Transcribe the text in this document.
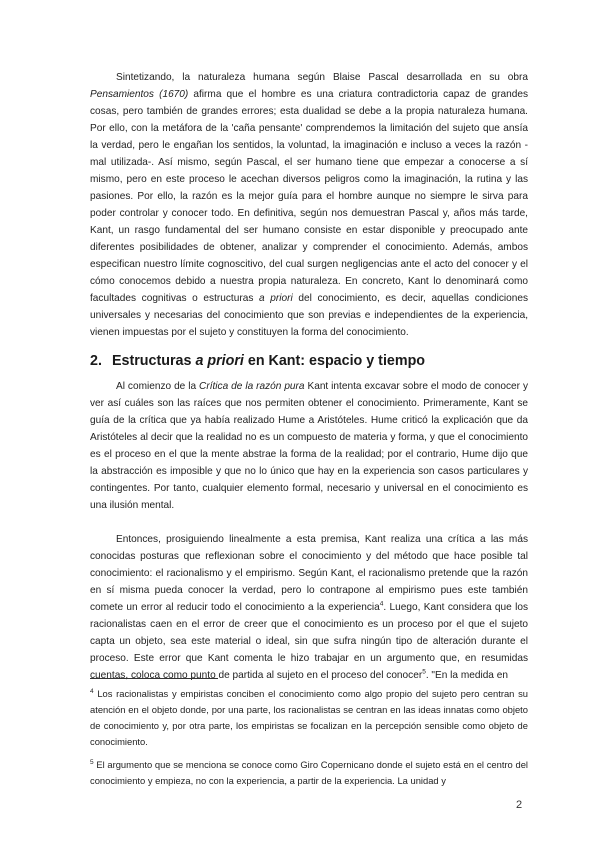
Sintetizando, la naturaleza humana según Blaise Pascal desarrollada en su obra Pensamientos (1670) afirma que el hombre es una criatura contradictoria capaz de grandes cosas, pero también de grandes errores; esta dualidad se debe a la propia naturaleza humana. Por ello, con la metáfora de la 'caña pensante' comprendemos la limitación del sujeto que ansía la verdad, pero le engañan los sentidos, la voluntad, la imaginación e incluso a veces la razón -mal utilizada-. Así mismo, según Pascal, el ser humano tiene que empezar a conocerse a sí mismo, pero en este proceso le acechan diversos peligros como la imaginación, la rutina y las pasiones. Por ello, la razón es la mejor guía para el hombre aunque no siempre le sirva para poder controlar y conocer todo. En definitiva, según nos demuestran Pascal y, años más tarde, Kant, un rasgo fundamental del ser humano consiste en estar disponible y preocupado ante diferentes posibilidades de obtener, analizar y comprender el conocimiento. Además, ambos especifican nuestro límite cognoscitivo, del cual surgen negligencias ante el acto del conocer y el cómo conocemos debido a nuestra propia naturaleza. En concreto, Kant lo denominará como facultades cognitivas o estructuras a priori del conocimiento, es decir, aquellas condiciones universales y necesarias del conocimiento que son previas e independientes de la experiencia, vienen impuestas por el sujeto y constituyen la forma del conocimiento.

2. Estructuras a priori en Kant: espacio y tiempo

Al comienzo de la Crítica de la razón pura Kant intenta excavar sobre el modo de conocer y ver así cuáles son las raíces que nos permiten obtener el conocimiento. Primeramente, Kant se guía de la crítica que ya había realizado Hume a Aristóteles. Hume criticó la explicación que da Aristóteles al decir que la realidad no es un compuesto de materia y forma, y que el conocimiento es el proceso en el que la mente abstrae la forma de la realidad; por el contrario, Hume dijo que la abstracción es imposible y que no lo único que hay en la experiencia son casos particulares y contingentes. Por tanto, cualquier elemento formal, necesario y universal en el conocimiento es una ilusión mental.

Entonces, prosiguiendo linealmente a esta premisa, Kant realiza una crítica a las más conocidas posturas que reflexionan sobre el conocimiento y del método que hace posible tal conocimiento: el racionalismo y el empirismo. Según Kant, el racionalismo pretende que la razón en sí misma pueda conocer la verdad, pero lo contrapone al empirismo pues este también comete un error al reducir todo el conocimiento a la experiencia$^4$. Luego, Kant considera que los racionalistas caen en el error de creer que el conocimiento es un proceso por el que el sujeto capta un objeto, sea este material o ideal, sin que sufra ningún tipo de alteración durante el proceso. Este error que Kant comenta le hizo trabajar en un argumento que, en resumidas cuentas, coloca como punto de partida al sujeto en el proceso del conocer$^5$. "En la medida en

$^4$ Los racionalistas y empiristas conciben el conocimiento como algo propio del sujeto pero centran su atención en el objeto donde, por una parte, los racionalistas se centran en las ideas innatas como objeto de conocimiento y, por otra parte, los empiristas se focalizan en la percepción sensible como objeto de conocimiento.

$^5$ El argumento que se menciona se conoce como Giro Copernicano donde el sujeto está en el centro del conocimiento y empieza, no con la experiencia, a partir de la experiencia. La unidad y

2
